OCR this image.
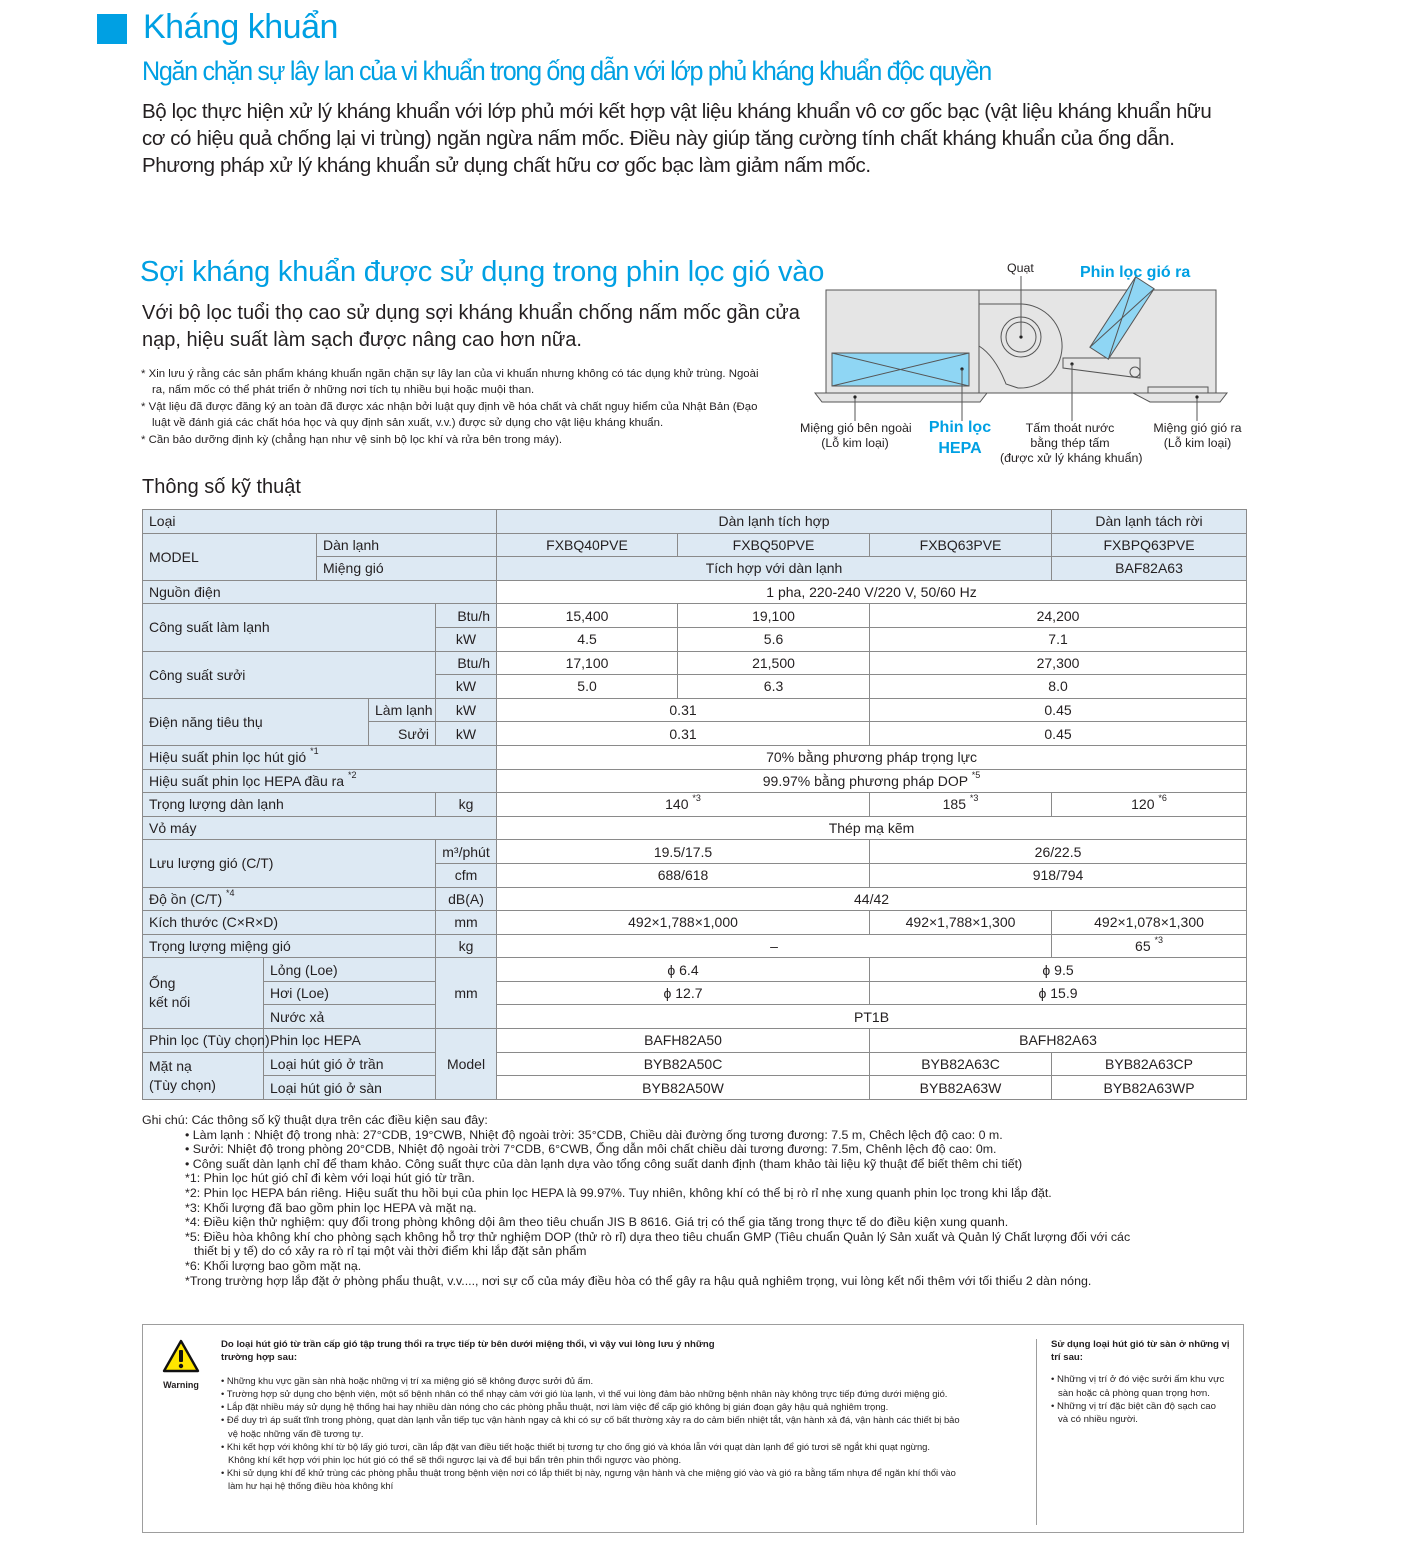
Kháng khuẩn
Ngăn chặn sự lây lan của vi khuẩn trong ống dẫn với lớp phủ kháng khuẩn độc quyền
Bộ lọc thực hiện xử lý kháng khuẩn với lớp phủ mới kết hợp vật liệu kháng khuẩn vô cơ gốc bạc (vật liệu kháng khuẩn hữu
cơ có hiệu quả chống lại vi trùng) ngăn ngừa nấm mốc. Điều này giúp tăng cường tính chất kháng khuẩn của ống dẫn.
Phương pháp xử lý kháng khuẩn sử dụng chất hữu cơ gốc bạc làm giảm nấm mốc.
Sợi kháng khuẩn được sử dụng trong phin lọc gió vào
Với bộ lọc tuổi thọ cao sử dụng sợi kháng khuẩn chống nấm mốc gần cửa
nạp, hiệu suất làm sạch được nâng cao hơn nữa.
* Xin lưu ý rằng các sản phẩm kháng khuẩn ngăn chặn sự lây lan của vi khuẩn nhưng không có tác dụng khử trùng. Ngoài
ra, nấm mốc có thể phát triển ở những nơi tích tụ nhiều bụi hoặc muội than.
* Vật liệu đã được đăng ký an toàn đã được xác nhận bởi luật quy định về hóa chất và chất nguy hiểm của Nhật Bản (Đạo
luật về đánh giá các chất hóa học và quy định sản xuất, v.v.) được sử dụng cho vật liệu kháng khuẩn.
* Cần bảo dưỡng định kỳ (chẳng hạn như vệ sinh bộ lọc khí và rửa bên trong máy).
Quạt	Phin lọc gió ra
Miệng gió bên ngoài
(Lỗ kim loại)
Phin lọc
HEPA
Tấm thoát nước
bằng thép tấm
(được xử lý kháng khuẩn)
Miệng gió gió ra
(Lỗ kim loại)
Thông số kỹ thuật
Loại					Dàn lạnh tích hợp			Dàn lạnh tách rời
MODEL		Dàn lạnh			FXBQ40PVE	FXBQ50PVE	FXBQ63PVE	FXBPQ63PVE
		Miệng gió			Tích hợp với dàn lạnh			BAF82A63
Nguồn điện					1 pha, 220-240 V/220 V, 50/60 Hz			
Công suất làm lạnh				Btu/h	15,400	19,100	24,200	
				kW	4.5	5.6	7.1	
Công suất sưởi				Btu/h	17,100	21,500	27,300	
				kW	5.0	6.3	8.0	
Điện năng tiêu thụ			Làm lạnh	kW	0.31		0.45	
			Sưởi	kW	0.31		0.45	
Hiệu suất phin lọc hút gió $^{*1}$					70% bằng phương pháp trọng lực			
Hiệu suất phin lọc HEPA đầu ra $^{*2}$					99.97% bằng phương pháp DOP $^{*5}$
Trọng lượng dàn lạnh				kg	140 $^{*3}$		185 $^{*3}$	120 $^{*6}$
Vỏ máy					Thép mạ kẽm			
Lưu lượng gió (C/T)				m³/phút	19.5/17.5		26/22.5	
				cfm	688/618		918/794	
Độ ồn (C/T) $^{*4}$				dB(A)	44/42			
Kích thước (C×R×D)				mm	492×1,788×1,000		492×1,788×1,300	492×1,078×1,300
Trọng lượng miệng gió				kg	–			65 $^{*3}$

Ống
kết nối	Lỏng (Loe)			mm	ϕ 6.4		ϕ 9.5	
	Hơi (Loe)				ϕ 12.7		ϕ 15.9	
	Nước xả				PT1B			
Phin lọc (Tùy chọn)	Phin lọc HEPA			Model	BAFH82A50		BAFH82A63	

Mặt nạ
(Tùy chọn)	Loại hút gió ở trần				BYB82A50C		BYB82A63C	BYB82A63CP
	Loại hút gió ở sàn				BYB82A50W		BYB82A63W	BYB82A63WP
Ghi chú: Các thông số kỹ thuật dựa trên các điều kiện sau đây:
• Làm lạnh : Nhiệt độ trong nhà: 27°CDB, 19°CWB, Nhiệt độ ngoài trời: 35°CDB, Chiều dài đường ống tương đương: 7.5 m, Chêch lệch độ cao: 0 m.
• Sưởi: Nhiệt độ trong phòng 20°CDB, Nhiệt độ ngoài trời 7°CDB, 6°CWB, Ống dẫn môi chất chiều dài tương đương: 7.5m, Chênh lệch độ cao: 0m.
• Công suất dàn lạnh chỉ để tham khảo. Công suất thực của dàn lạnh dựa vào tổng công suất danh định (tham khảo tài liệu kỹ thuật để biết thêm chi tiết)
*1: Phin lọc hút gió chỉ đi kèm với loại hút gió từ trần.
*2: Phin lọc HEPA bán riêng. Hiệu suất thu hồi bụi của phin lọc HEPA là 99.97%. Tuy nhiên, không khí có thể bị rò rỉ nhẹ xung quanh phin lọc trong khi lắp đặt.
*3: Khối lượng đã bao gồm phin lọc HEPA và mặt nạ.
*4: Điều kiện thử nghiệm: quy đổi trong phòng không dội âm theo tiêu chuẩn JIS B 8616. Giá trị có thể gia tăng trong thực tế do điều kiện xung quanh.
*5: Điều hòa không khí cho phòng sạch không hỗ trợ thử nghiệm DOP (thử rò rỉ) dựa theo tiêu chuẩn GMP (Tiêu chuẩn Quản lý Sản xuất và Quản lý Chất lượng đối với các
thiết bị y tế) do có xảy ra rò rỉ tại một vài thời điểm khi lắp đặt sản phẩm
*6: Khối lượng bao gồm mặt nạ.
*Trong trường hợp lắp đặt ở phòng phẩu thuật, v.v...., nơi sự cố của máy điều hòa có thể gây ra hậu quả nghiêm trọng, vui lòng kết nối thêm với tối thiểu 2 dàn nóng.
Warning
Do loại hút gió từ trần cấp gió tập trung thổi ra trực tiếp từ bên dưới miệng thổi, vì vậy vui lòng lưu ý những
trường hợp sau:
• Những khu vực gần sàn nhà hoặc những vị trí xa miệng gió sẽ không được sưởi đủ ấm.
• Trường hợp sử dụng cho bệnh viện, một số bệnh nhân có thể nhạy cảm với gió lùa lạnh, vì thế vui lòng đảm bảo những bệnh nhân này không trực tiếp đứng dưới miệng gió.
• Lắp đặt nhiều máy sử dụng hệ thống hai hay nhiều dàn nóng cho các phòng phẫu thuật, nơi làm việc để cấp gió không bị gián đoạn gây hậu quả nghiêm trọng.
• Để duy trì áp suất tĩnh trong phòng, quạt dàn lạnh vẫn tiếp tục vận hành ngay cả khi có sự cố bất thường xảy ra do cảm biến nhiệt tắt, vận hành xả đá, vận hành các thiết bị bảo
vệ hoặc những vấn đề tương tự.
• Khi kết hợp với không khí từ bộ lấy gió tươi, cần lắp đặt van điều tiết hoặc thiết bị tương tự cho ống gió và khóa lẫn với quạt dàn lạnh để gió tươi sẽ ngắt khi quạt ngừng.
Không khí kết hợp với phin lọc hút gió có thể sẽ thổi ngược lại và để bụi bẩn trên phin thổi ngược vào phòng.
• Khi sử dụng khí để khử trùng các phòng phẫu thuật trong bệnh viện nơi có lắp thiết bị này, ngưng vận hành và che miệng gió vào và gió ra bằng tấm nhựa để ngăn khí thổi vào
làm hư hại hệ thống điều hòa không khí
Sử dụng loại hút gió từ sàn ở những vị
trí sau:
• Những vị trí ở đó việc sưởi ấm khu vực
sàn hoặc cả phòng quan trọng hơn.
• Những vị trí đặc biệt cần độ sạch cao
và có nhiều người.
